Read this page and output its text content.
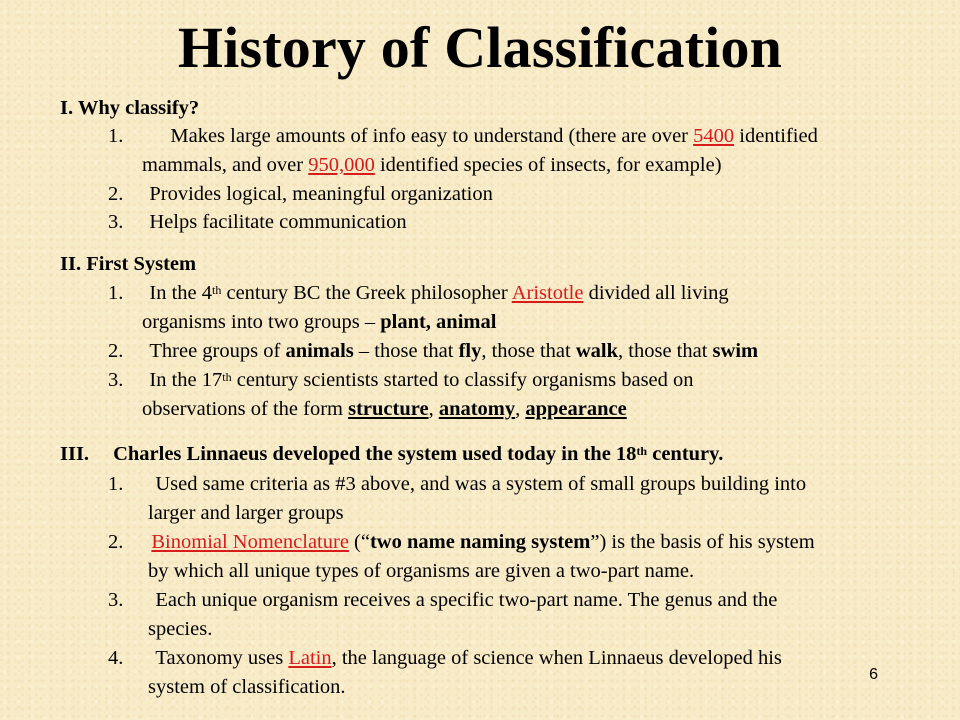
History of Classification
I. Why classify?
1. Makes large amounts of info easy to understand (there are over 5400 identified
mammals, and over 950,000 identified species of insects, for example)
2. Provides logical, meaningful organization
3. Helps facilitate communication
II. First System
1. In the 4th century BC the Greek philosopher Aristotle divided all living
organisms into two groups – plant, animal
2. Three groups of animals – those that fly, those that walk, those that swim
3. In the 17th century scientists started to classify organisms based on
observations of the form structure, anatomy, appearance
III. Charles Linnaeus developed the system used today in the 18th century.
1. Used same criteria as #3 above, and was a system of small groups building into
larger and larger groups
2. Binomial Nomenclature (“two name naming system”) is the basis of his system
by which all unique types of organisms are given a two-part name.
3. Each unique organism receives a specific two-part name. The genus and the
species.
4. Taxonomy uses Latin, the language of science when Linnaeus developed his
system of classification.
6
